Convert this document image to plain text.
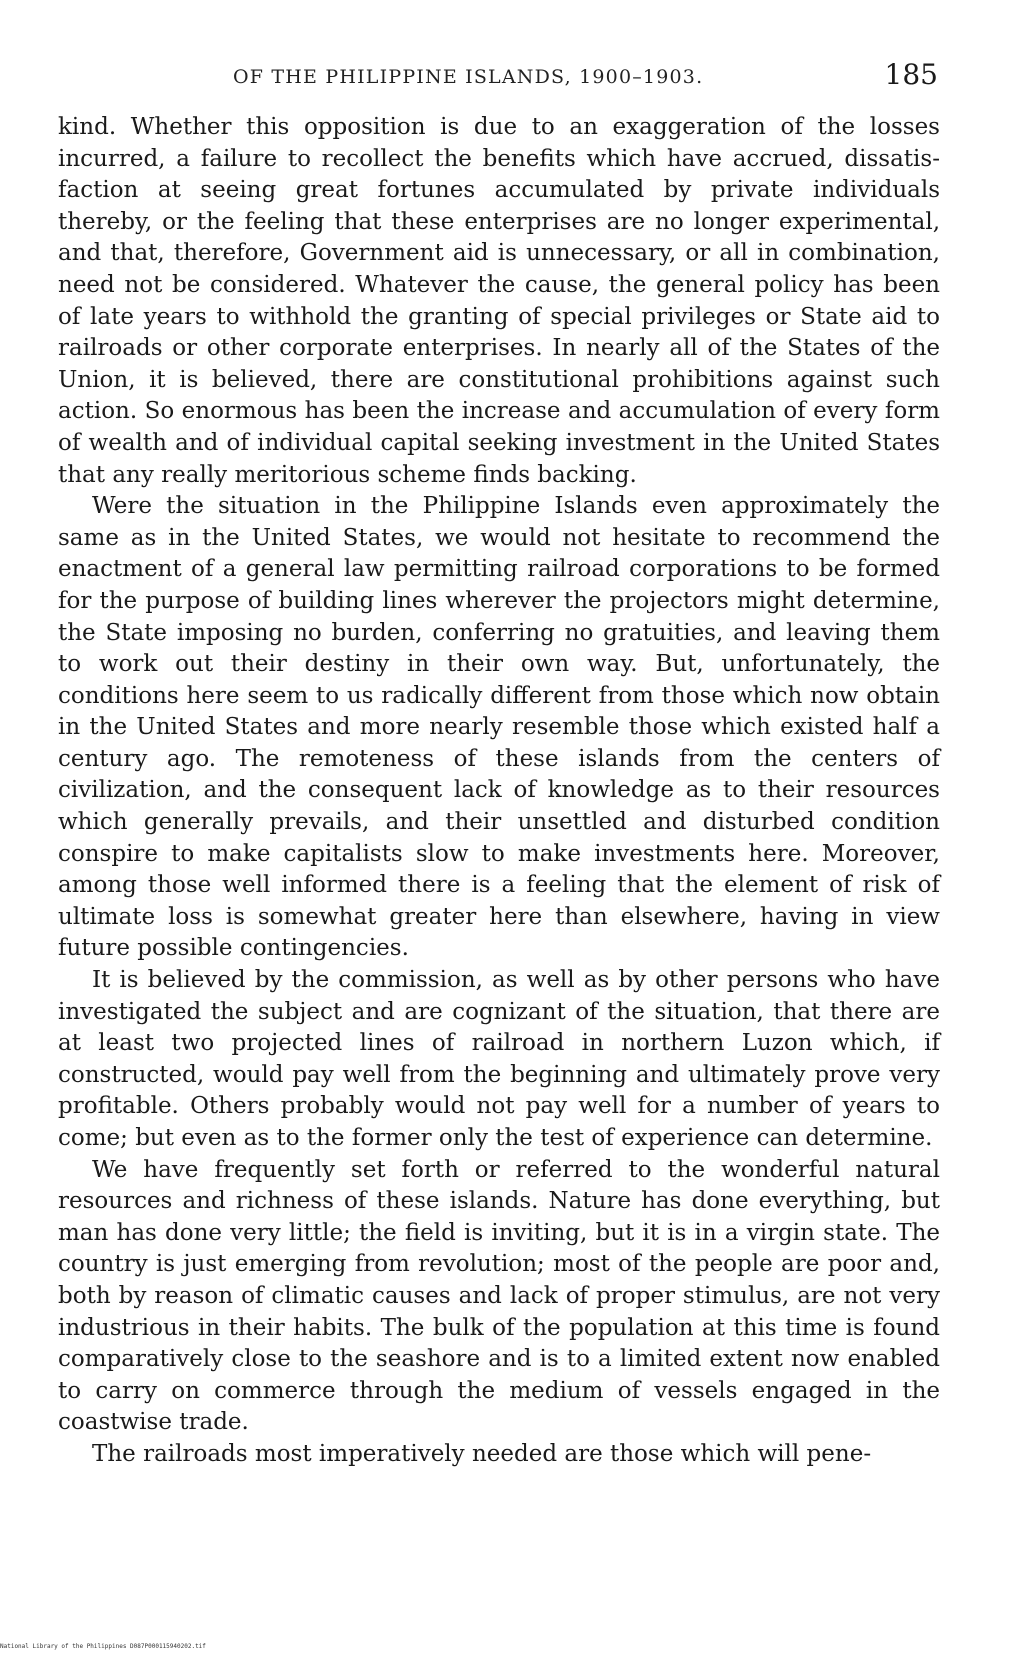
OF THE PHILIPPINE ISLANDS, 1900–1903.	185

kind. Whether this opposition is due to an exaggeration of the losses incurred, a failure to recollect the benefits which have accrued, dissatisfaction at seeing great fortunes accumulated by private individuals thereby, or the feeling that these enterprises are no longer experimental, and that, therefore, Government aid is unnecessary, or all in combination, need not be considered. Whatever the cause, the general policy has been of late years to withhold the granting of special privileges or State aid to railroads or other corporate enterprises. In nearly all of the States of the Union, it is believed, there are constitutional prohibitions against such action. So enormous has been the increase and accumulation of every form of wealth and of individual capital seeking investment in the United States that any really meritorious scheme finds backing.

Were the situation in the Philippine Islands even approximately the same as in the United States, we would not hesitate to recommend the enactment of a general law permitting railroad corporations to be formed for the purpose of building lines wherever the projectors might determine, the State imposing no burden, conferring no gratuities, and leaving them to work out their destiny in their own way. But, unfortunately, the conditions here seem to us radically different from those which now obtain in the United States and more nearly resemble those which existed half a century ago. The remoteness of these islands from the centers of civilization, and the consequent lack of knowledge as to their resources which generally prevails, and their unsettled and disturbed condition conspire to make capitalists slow to make investments here. Moreover, among those well informed there is a feeling that the element of risk of ultimate loss is somewhat greater here than elsewhere, having in view future possible contingencies.

It is believed by the commission, as well as by other persons who have investigated the subject and are cognizant of the situation, that there are at least two projected lines of railroad in northern Luzon which, if constructed, would pay well from the beginning and ultimately prove very profitable. Others probably would not pay well for a number of years to come; but even as to the former only the test of experience can determine.

We have frequently set forth or referred to the wonderful natural resources and richness of these islands. Nature has done everything, but man has done very little; the field is inviting, but it is in a virgin state. The country is just emerging from revolution; most of the people are poor and, both by reason of climatic causes and lack of proper stimulus, are not very industrious in their habits. The bulk of the population at this time is found comparatively close to the seashore and is to a limited extent now enabled to carry on commerce through the medium of vessels engaged in the coastwise trade.

The railroads most imperatively needed are those which will pene-

National Library of the Philippines D087P000115940202.tif
